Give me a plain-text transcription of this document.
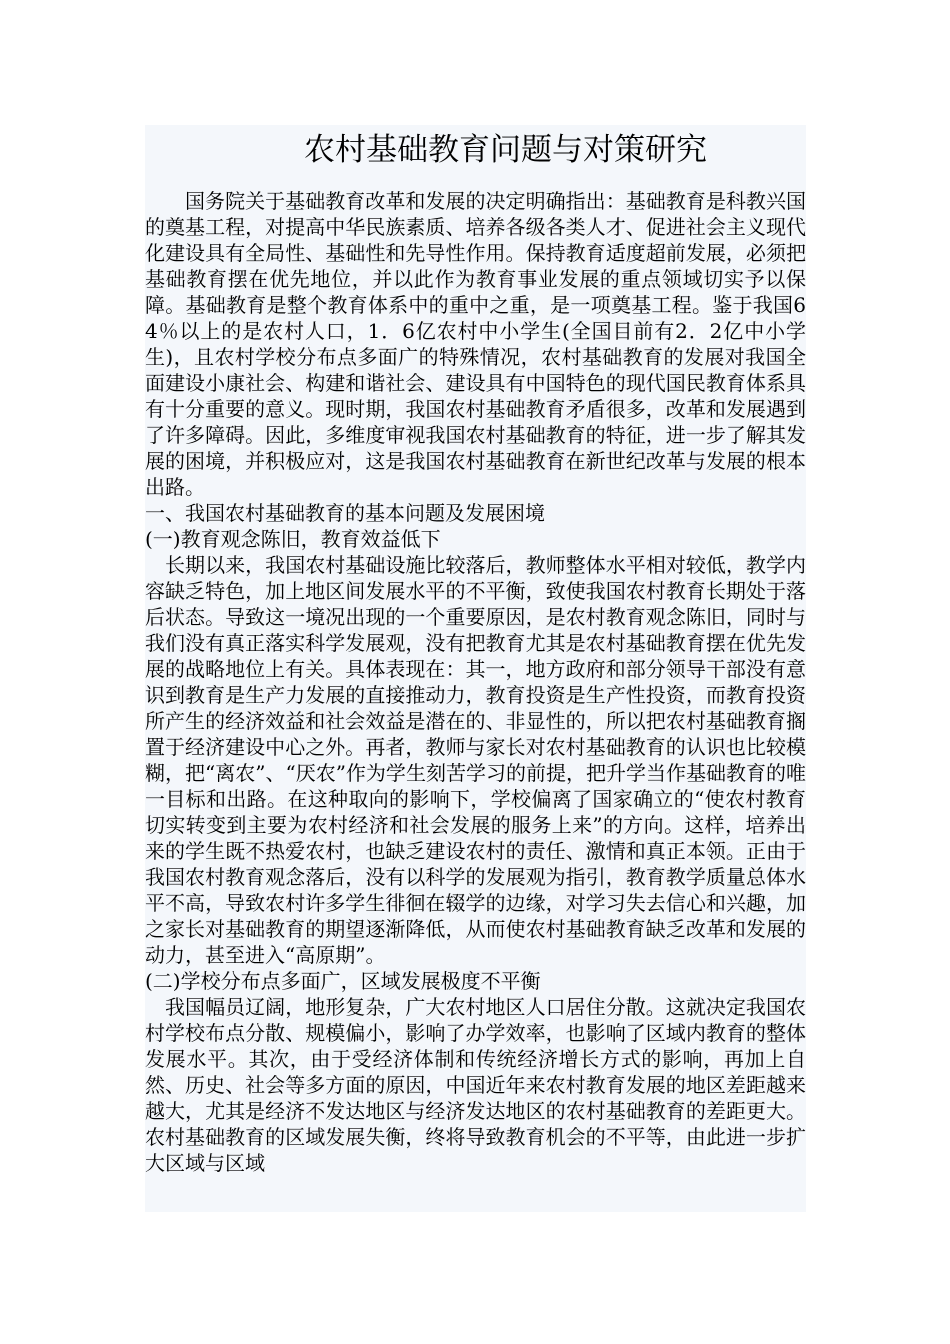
农村基础教育问题与对策研究

国务院关于基础教育改革和发展的决定明确指出：基础教育是科教兴国的奠基工程，对提高中华民族素质、培养各级各类人才、促进社会主义现代化建设具有全局性、基础性和先导性作用。保持教育适度超前发展，必须把基础教育摆在优先地位，并以此作为教育事业发展的重点领域切实予以保障。基础教育是整个教育体系中的重中之重，是一项奠基工程。鉴于我国64％以上的是农村人口，1．6亿农村中小学生(全国目前有2．2亿中小学生)，且农村学校分布点多面广的特殊情况，农村基础教育的发展对我国全面建设小康社会、构建和谐社会、建设具有中国特色的现代国民教育体系具有十分重要的意义。现时期，我国农村基础教育矛盾很多，改革和发展遇到了许多障碍。因此，多维度审视我国农村基础教育的特征，进一步了解其发展的困境，并积极应对，这是我国农村基础教育在新世纪改革与发展的根本出路。

一、我国农村基础教育的基本问题及发展困境

(一)教育观念陈旧，教育效益低下

长期以来，我国农村基础设施比较落后，教师整体水平相对较低，教学内容缺乏特色，加上地区间发展水平的不平衡，致使我国农村教育长期处于落后状态。导致这一境况出现的一个重要原因，是农村教育观念陈旧，同时与我们没有真正落实科学发展观，没有把教育尤其是农村基础教育摆在优先发展的战略地位上有关。具体表现在：其一，地方政府和部分领导干部没有意识到教育是生产力发展的直接推动力，教育投资是生产性投资，而教育投资所产生的经济效益和社会效益是潜在的、非显性的，所以把农村基础教育搁置于经济建设中心之外。再者，教师与家长对农村基础教育的认识也比较模糊，把“离农”、“厌农”作为学生刻苦学习的前提，把升学当作基础教育的唯一目标和出路。在这种取向的影响下，学校偏离了国家确立的“使农村教育切实转变到主要为农村经济和社会发展的服务上来”的方向。这样，培养出来的学生既不热爱农村，也缺乏建设农村的责任、激情和真正本领。正由于我国农村教育观念落后，没有以科学的发展观为指引，教育教学质量总体水平不高，导致农村许多学生徘徊在辍学的边缘，对学习失去信心和兴趣，加之家长对基础教育的期望逐渐降低，从而使农村基础教育缺乏改革和发展的动力，甚至进入“高原期”。

(二)学校分布点多面广，区域发展极度不平衡

我国幅员辽阔，地形复杂，广大农村地区人口居住分散。这就决定我国农村学校布点分散、规模偏小，影响了办学效率，也影响了区域内教育的整体发展水平。其次，由于受经济体制和传统经济增长方式的影响，再加上自然、历史、社会等多方面的原因，中国近年来农村教育发展的地区差距越来越大，尤其是经济不发达地区与经济发达地区的农村基础教育的差距更大。农村基础教育的区域发展失衡，终将导致教育机会的不平等，由此进一步扩大区域与区域
